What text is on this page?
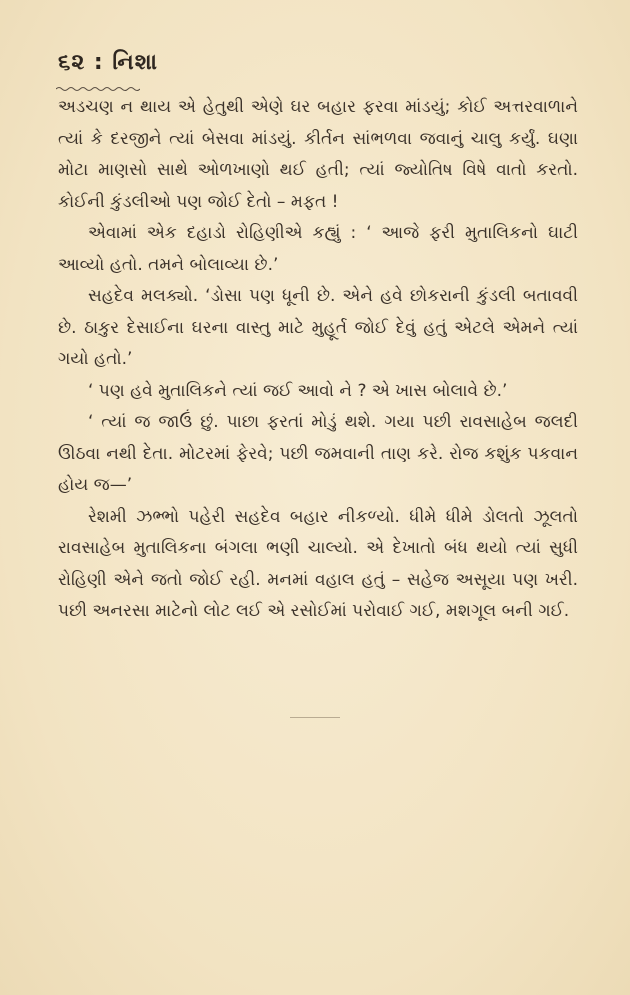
૬૨ : નિશા

અડચણ ન થાય એ હેતુથી એણે ઘર બહાર ફરવા માંડયું; કોઈ અત્તરવાળાને ત્યાં કે દરજીને ત્યાં બેસવા માંડયું. કીર્તન સાંભળવા જવાનું ચાલુ કર્યું. ઘણા મોટા માણસો સાથે ઓળખાણો થઈ હતી; ત્યાં જ્યોતિષ વિષે વાતો કરતો. કોઈની કુંડલીઓ પણ જોઈ દેતો – મફત !

એવામાં એક દહાડો રોહિણીએ કહ્યું : ‘ આજે ફરી મુતાલિકનો ઘાટી આવ્યો હતો. તમને બોલાવ્યા છે.’

સહદેવ મલક્યો. ‘ડોસા પણ ધૂની છે. એને હવે છોકરાની કુંડલી બતાવવી છે. ઠાકુર દેસાઈના ઘરના વાસ્તુ માટે મુહૂર્ત જોઈ દેવું હતું એટલે એમને ત્યાં ગયો હતો.’

‘ પણ હવે મુતાલિકને ત્યાં જઈ આવો ને ? એ ખાસ બોલાવે છે.’

‘ ત્યાં જ જાઉં છું. પાછા ફરતાં મોડું થશે. ગયા પછી રાવસાહેબ જલદી ઊઠવા નથી દેતા. મોટરમાં ફેરવે; પછી જમવાની તાણ કરે. રોજ કશુંક પકવાન હોય જ—’

રેશમી ઝભ્ભો પહેરી સહદેવ બહાર નીકળ્યો. ધીમે ધીમે ડોલતો ઝૂલતો રાવસાહેબ મુતાલિકના બંગલા ભણી ચાલ્યો. એ દેખાતો બંધ થયો ત્યાં સુધી રોહિણી એને જતો જોઈ રહી. મનમાં વહાલ હતું – સહેજ અસૂયા પણ ખરી. પછી અનરસા માટેનો લોટ લઈ એ રસોઈમાં પરોવાઈ ગઈ, મશગૂલ બની ગઈ.
